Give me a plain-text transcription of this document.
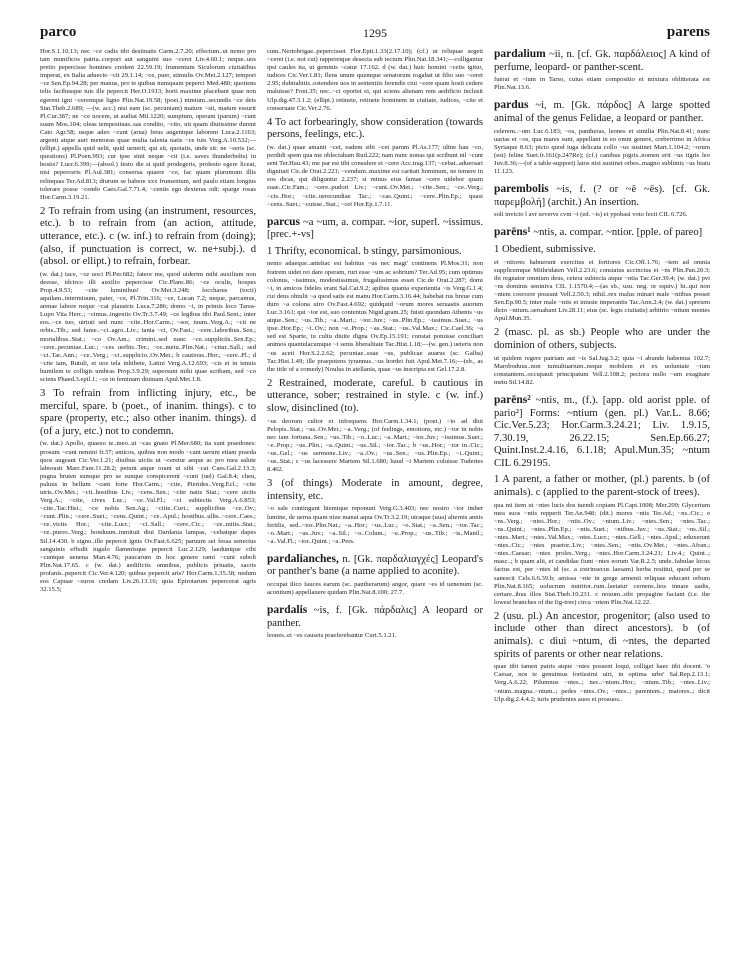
parco	1295	parens

Hor.S.1.10.13; nec ~ce cadis tibi destinatis Carm.2.7.20; effectum..ut nemo pro tam munificos patria..corpori aut sanguini suo ~ceret Liv.4.60.1; neque..uos pretio pepercisse homines credent 22.59.19; frumentum Siculorum ciuitatibus imperat, ex Italia aduecto ~cit 29.1.14; ~ce, puer, stimulis Ov.Met.2.127; tempori ~ce Sen.Ep.94.28; per manus, pro te quibus numquam peperci Med.480; quotiens telis facibusque tuis ille pepercit Her.O.1913; horti maxime placebant quae non egerent igni ~cerentque ligno Plin.Nat.19.58; (poet.) nimium..secundis ~ce deis Stat.Theb.2.689; —(w. acc.) nisi eam (sc. pecuniam) mature ~sit, mature essurit Pl.Cur.387; ne ~ce uocem, ut audiat Mil.1220; sumptum, operam (parum) ~cunt suam Mos.104; oleas tempestiuas..sas condito, ~cito, uti quam diutissime durent Cato Agr.58; usque adeo ~cunt (arua) fetus augentque laborem Luca.2.1163; argenti atque auri memoras quae multa talenta natis ~ce tuis Verg.A.10.532;—(ellipt.) appella quid uelit, quid uenerit, qui sit, quoiatis, unde sit: ne ~seris (sc. questions) Pl.Poen.993; cur ipse sinit neque ~cit (i.e. saves thunderbolts) in hostis? Lucr.6.399;—(absol.) festo die si quid prodegeris, profesto egere liceat, nisi peperceris Pl.Aul.381; conserua quaere ~ce, fac quam plurumum illis relinquas Ter.Ad.813; diurum se habere xxx frumentum, sed paulo etiam longius tolerare posse ~cendo Caes.Gal.7.71.4; ~centis ego dexteras odi: sparge rosas Hor.Carm.3.19.21.

2 To refrain from using (an instrument, resources, etc.). b to refrain from (an action, attitude, utterance, etc.). c (w. inf.) to refrain from (doing); (also, if punctuation is correct, w. ne+subj.). d (absol. or ellipt.) to refrain, forbear.

(w. dat.) tace, ~ce uoci Pl.Per.682; fateor me, quod uiderim mihi auxilium non deesse, idcirco illi auxilio pepercisse Cic.Planc.86; ~ce oculis, hospes Prop.4.9.53; ~cite luminibus! Ov.Met.3.248; loccharus (tocti) aquilam..intermiuum, pater, ~ce, Pl.Trin.316; ~ce, Lucan 7.2; neque, parcamus, arenae labore neque ~cat plaustris Luca.7.286; domo ~i, in primis loco Tarea-Lupo Vita Herc.; ~cimus..ingeniis Ov.Tr.3.7.49; ~ce legibus tibi Paul.Sent.; inter eos..~ce tuo, uirtuti sed nunc ~cite..Hor.Carm.; ~sor, tuum..Verg.A.; ~cit ne orbis..Tib.; sed fame..~ci..agro..Liv.; tanta ~ci, Ov.Fast.; ~cere..laboribus..Sen.; mortalibus..Stat.; ~co Ov.Am.; crimini..sed nunc ~ce..suppliciis..Sen.Ep.; ~cere..pecuniae..Luc.; ~ces uerbis..Ter.; ~ce..metu..Plin.Nat.; ~citur..Sall.; sed ~ci..Tac.Ann.; ~ce..Verg.; ~ci..supplicio..Ov.Met.; b cautious..Hor.; ~cere..Pl.; d ~cite iam, Rutuli, et uos tela inhibete, Latini Verg.A.12.693; ~cis et in tenuis humilem te colligis umbras Prop.3.9.29; supersunt mihi quae scribam, sed ~co sciens Phaed.3.epil.1; ~ce in feminam diuinam Apul.Met.1.8.

3 To refrain from inflicting injury, etc., be merciful, spare. b (poet., of inanim. things). c to spare (property, etc.; also other inanim. things). d (of a jury, etc.) not to condemn.

(w. dat.) Apollo, quaeso te..meo..ut ~cas gnato Pl.Mer.680; ita sunt praedones: prosum ~cunt nemini fr.37; amicos, quibus non modo ~cant uerum etiam praeda quos augeant Cic.Ver.1.21; diuibus uictis ut ~ceretur aeque ac pro mea salute laborasti Marc.Fam.11.28.2; petunt atque orant ut sibi ~cat Caes.Gal.2.13.3; pugna bruten sumque pro se sunque conspicerent ~cunt (uel) Gal.8.4; cheu, paluus in bellum ~cant forte Hor.Carm.; ~cite, Pierides..Verg.Ecl.; ~cite uiris..Ov.Met.; ~cit..hostibus Liv.; ~cens..Sen.; ~cite natis Stat.; ~cere uictis Verg.A.; ~cite, cives Luc.; ~ce..Val.Fl.; ~ci subiectis Verg.A.6.853; ~cite..Tac.Hist.; ~ce nobis Sen.Ag.; ~ciite..Curt.; supplicibus ~ce..Ov.; ~cunt..Plin.; ~cere..Suet.; ~cens..Quint.; ~ce..Apul.; hostibus..ullis..~cere..Caes.; ~ce..victis Hor.; ~cite..Lucr.; ~ci..Sall.; ~cere..Cic.; ~ce..mitis..Stat.; ~ce..puero..Verg.; bonduum..inmituit diui Dardania lampas, ~cebatque dapes Sil.14.430. b signo..ille pepercit ignis Ov.Fast.6.625; paruum sei fessa senectus sanguinis effudit iugulo flammisque pepercit Luc.2.129; laeduntque cibi ~cuntque uenena Man.4.76; paucarum in hoc genere rami ~cunt suboli Plin.Nat.17.65. c (w. dat.) aedificiis omnibus, publicis priuatis, sacris profanis..pepercit Cic.Ver.4.120; quibus pepercit aris? Hor.Carm.1.35.38; nedum eos Capuae ~suros credam Liv.26.13.16; quia Epirotarum pepercerat agris 32.15.5;

cum..Nertobrigae..pepercisset Flor.Epit.1.33(2.17.10); (cf.) ut reliquae segeti ~ceret (i.e. not cut) rapperetque desecta sub tectum Plin.Nat.18.341;—colligantur ipsi caules ita, ut gemmis ~catur 17.162. d (w. dat.) huic homini ~cetis igitur, iudices Cic.Ver.1.81; flens unum quemque senatorum rogabat ut filio suo ~ceret 2.95; dubitabitis..ostendere uos in sententiis ferendis ciui ~cere quam hosti cedere maluisse? Font.35; nec..~ci oportet ei, qui sciens alienam rem aedificio inclusit Ulp.dig.47.3.1.2; (ellipt.) retinete, retinete hominem in ciuitate, iudices, ~cite et conseruate Cic.Ver.2.76.

4 To act forbearingly, show consideration (towards persons, feelings, etc.).

(w. dat.) quae amanti ~cet, eadem sibi ~cet parum Pl.As.177; ultne hau ~co, perdidi spem qua me oblectabam Rud.222; nam nunc nonas qui scribunt nil ~cunt seni Ter.Hau.43; me par est tibi consulere et ~cere Acc.trag.137; ~cebat..aduersari dignitati Cic.de Orat.2.221; ~cendum..maxime est caritati hominum, ne temere in eos dicas, qui diliguntur 2.237; si minus eius famae ~cere uidebor quam suae..Cic.Fam.; ~cere..pudori Liv.; ~cunt..Ov.Met.; ~cite..Sen.; ~ce..Verg.; ~cis..Hor.; ~cite..uerecundiae Tac.; ~cas..Quint.; ~cere..Plin.Ep.; quasi ~cens..Suet.; ~cuisse..Stat.; ~cet Hor.Ep.1.7.11.

parcus ~a ~um, a. compar. ~ior, superl. ~issimus. [prec.+-vs]

1 Thrifty, economical. b stingy, parsimonious.

nemo adaeque..antehac est habitus ~us nec magi' continens Pl.Mos.31; non fratrem uidet rei dare operam, ruri esse ~um ac sobrium? Ter.Ad.95; cum optimus colonus, ~issimus, modestissimus, frugalissimus esset Cic.de Orat.2.287; domi ~i, in amicos fideles erant Sal.Cat.9.2; apibus quanta experientia ~is Verg.G.1.4; cui deus obtulit ~a quod satis est manu Hor.Carm.3.16.44; habebat rus breue cum duro ~a colona uiro Ov.Fast.4.692; quidquid ~orum mores seruastis auorum Luc.3.161; qui ~ior est, suo contentus Nigid.gram.25; fuisti quondam Athenis ~us atque..Sen.; ~us..Tib.; ~a..Mart.; ~ior..Juv.; ~us..Plin.Ep.; ~issimus..Suet.; ~us ipse..Hor.Ep.; ~i..Ov.; non ~e..Prop.; ~as..Stat.; ~us..Val.Max.; Cic.Cael.36; ~a sed est Sparte, tu cultu diuite digna Ov.Ep.15.191; constat potuisse conciliari animos quantulacumque ~i senis liberalitate Tac.Hist.1.18;—(w. gen.) ueteris non ~us aceti Hor.S.2.2.62; pecuniae..suae ~us, publicae auarus (sc. Galba) Tac.Hist.1.49; ille praepotens tyrannus..~us hordei fuit Apul.Met.7.16;—(sb., as the title of a comedy) Noulus in atellania, quae ~us inscripta est Gel.17.2.8.

2 Restrained, moderate, careful. b cautious in utterance, sober; restrained in style. c (w. inf.) slow, disinclined (to).

~us deorum cultor et infrequens Hor.Carm.1.34.1; (poet.) ~io ad diui Pelopis..Stat.; ~us..Ov.Met.; ~a..Verg.; (of feelings, emotions, etc.) ~ior in nobis nec tam fortuna..Sen.; ~us..Tib.; ~o..Luc.; ~a..Mart.; ~ior..Juv.; ~issimus..Suet.; ~e..Prop.; ~us..Plin.; ~a..Quint.; ~us..Sil.; ~ior..Tac.; b ~us..Hor.; ~ior in..Cic.; ~us..Gel.; ~us sermone..Liv.; ~a..Ov.; ~us..Sen.; ~us..Plin.Ep.; ~i..Quint.; ~us..Stat.; c ~us lacessere Martem Sil.1.680; haud ~i Martem coluisse Tudertes 8.462.

3 (of things) Moderate in amount, degree, intensity, etc.

~o sale contingunt hiemique reponunt Verg.G.3.403; nec nostro ~ior imber lumine, de uerna quam niue manat aqua Ov.Tr.3.2.19; utraque (uua) alternis annis fertilis, sed..~ior..Plin.Nat.; ~a..Hor.; ~us..Luc.; ~o..Stat.; ~a..Sen.; ~ior..Tac.; ~o..Mart.; ~us..Juv.; ~a..Sil.; ~o..Colum.; ~e..Prop.; ~us..Tib.; ~is..Manil.; ~a..Val.Fl.; ~ior..Quint.; ~a..Pers.

pardalianches, n. [Gk. παρδαλιαγχές] Leopard's or panther's bane (a name applied to aconite).

occupat ilico fauces earum (sc. pantherarum) angor, quare ~es id uenenum (sc. aconitum) appellauere quidam Plin.Nat.8.100; 27.7.

pardalis ~is, f. [Gk. πάρδαλις] A leopard or panther.

leones..et ~es causeis praeferebantur Curt.5.1.21.

pardalium ~ii, n. [cf. Gk. παρδάλειος] A kind of perfume, leopard- or panther-scent.

fuerat et ~ium in Tarso, cuius etiam compositio et mixtura oblitterata est Plin.Nat.13.6.

pardus ~i, m. [Gk. πάρδος] A large spotted animal of the genus Felidae, a leopard or panther.

celerem..~um Luc.6.183; ~os, pantheras, leones et similia Plin.Nat.8.41; nunc uarias et ~os, qua mares sunt, appellant in eo omni genere, creberrimo in Africa Syriaque 8.63; picto quod iuga delicata collo ~us sustinet Mart.1.104.2; ~orum (est) feline Suet.fr.161(p.247Re); (cf.) canibus pigris..nomen erit ~us tigris leo Juv.8.36;—(of a table-support) latos nisi sustinet orbes..magno sublimis ~us hiatu 11.123.

parembolis ~is, f. (? or ~ē ~ēs). [cf. Gk. παρεμβολή] (archit.) An insertion.

soli invicto l avr severvs cvm ~i (ed. ~is) et ypobasi voto fecit CIL 6.726.

parēns¹ ~ntis, a. compar. ~ntior. [pple. of pareo]

1 Obedient, submissive.

et ~ntiores habuerunt exercitus et fortiores Cic.Off.1.76; ~tem ad omnia supplicemque Mithridaten Vell.2.23.6; constatus accinctus et ~ns Plin.Pan.20.3; ibi regnator omnium deus, cetera subiecta atque ~ntia Tac.Ger.39.4; (w. dat.) pvi ~ns dominis seniniva CIL 1.1570.4;—(as sb., usu. neg. or equiv.) hi..qui non ~ntem coercere possunt Vell.2.50.3; nihil..rex malus minari male ~ntibus posset Sen.Ep.90.5; inter male ~ntis et iniuste imperantis Tac.Ann.2.4; (w. dat.) spreiem dicto ~ntium..seruabant Liv.28.11; eius (sc. legis ciuitatis) arbitrio ~ntium mentes Apul.Mun.35.

2 (masc. pl. as sb.) People who are under the dominion of others, subjects.

ut quidem regere patriam aut ~is Sal.Jug.3.2; quia ~i abunde habemus 102.7; Maroboduus..non tumultuarium..neque mobilem et ex uoluntate ~ium constantem..occupauit principatum Vell.2.108.2; pectora nullo ~um exagitare metu Sil.14.82.

parēns² ~ntis, m., (f.). [app. old aorist pple. of pario²] Forms: ~ntium (gen. pl.) Var.L. 8.66; Cic.Ver.5.23; Hor.Carm.3.24.21; Liv. 1.9.15, 7.30.19, 26.22.15; Sen.Ep.66.27; Quint.Inst.2.4.16, 6.1.18; Apul.Mun.35; ~ntum CIL 6.29195.

1 A parent, a father or mother, (pl.) parents. b (of animals). c (applied to the parent-stock of trees).

qua mi item ut ~ntes lucis dos tuendi copiam Pl.Capt.1008; Mer.209; Glycerium mea suos ~ntis repperit Ter.An.948; (dit.) mores ~ntis Ter.Ad.; ~ns..Cic.; o ~ns..Verg.; ~ntes..Hor.; ~ntis..Ov.; ~ntum..Liv.; ~ntes..Sen.; ~ntes..Tac.; ~ns..Quint.; ~ntes..Plin.Ep.; ~ntis..Suet.; ~ntibus..Juv.; ~ns..Stat.; ~ns..Sil.; ~ntes..Mart.; ~ntes..Val.Max.; ~ntes..Lucr.; ~ntes..Gell.; ~ntes..Apul.; eduxerunt ~ntes..Cic.; ~ntes praetor..Liv.; ~ntes..Sen.; ~ntis..Ov.Met.; ~ntes..Afran.; ~ntes..Caesar; ~ntes proles..Verg.; ~ntes..Hor.Carm.3.24.21; Liv.4.; Quint..; masc..; b quam alii, et candidae fiunt ~ntes eorum Var.R.2.5; unde..fabulae locus factus est, per ~ntes id (sc. a extrinsecus laesam) herba restitui, quod per se sanescit Cels.6.6.39.b; amissa ~nte in grege armenti reliquae educant orbum Plin.Nat.8.165; uolucrum nutritor..rum..laetatur cernens..hos innare uadis, certare..ibus illos Stat.Theb.10.231. c nouum..sibi propagine faciant (i.e. the lowest branches of the fig-tree) circa ~ntem Plin.Nat.12.22.

2 (usu. pl.) An ancestor, progenitor; (also used to include other than direct ancestors). b (of animals). c diui ~ntum, di ~ntes, the departed spirits of parents or other near relations.

quae tibi tamen patris atque ~ntes possent loqui, colliget haec tibi docent. 'o Caesar, nos te genuimus fortissimi uiri, in optima urbe' Sal.Rep.2.13.1; Verg.A.6.22; Pilumnus ~ntes..; nec..~ntum..Hor.; ~ntum..Tib.; ~ntes..Liv.; ~ntum..magna..~ntum..; pedes ~ntes..Ov.; ~ntes..; parentem..; maiores..; dicit Ulp.dig.2.4.4.2; iuris prudentes auos et proauos..
